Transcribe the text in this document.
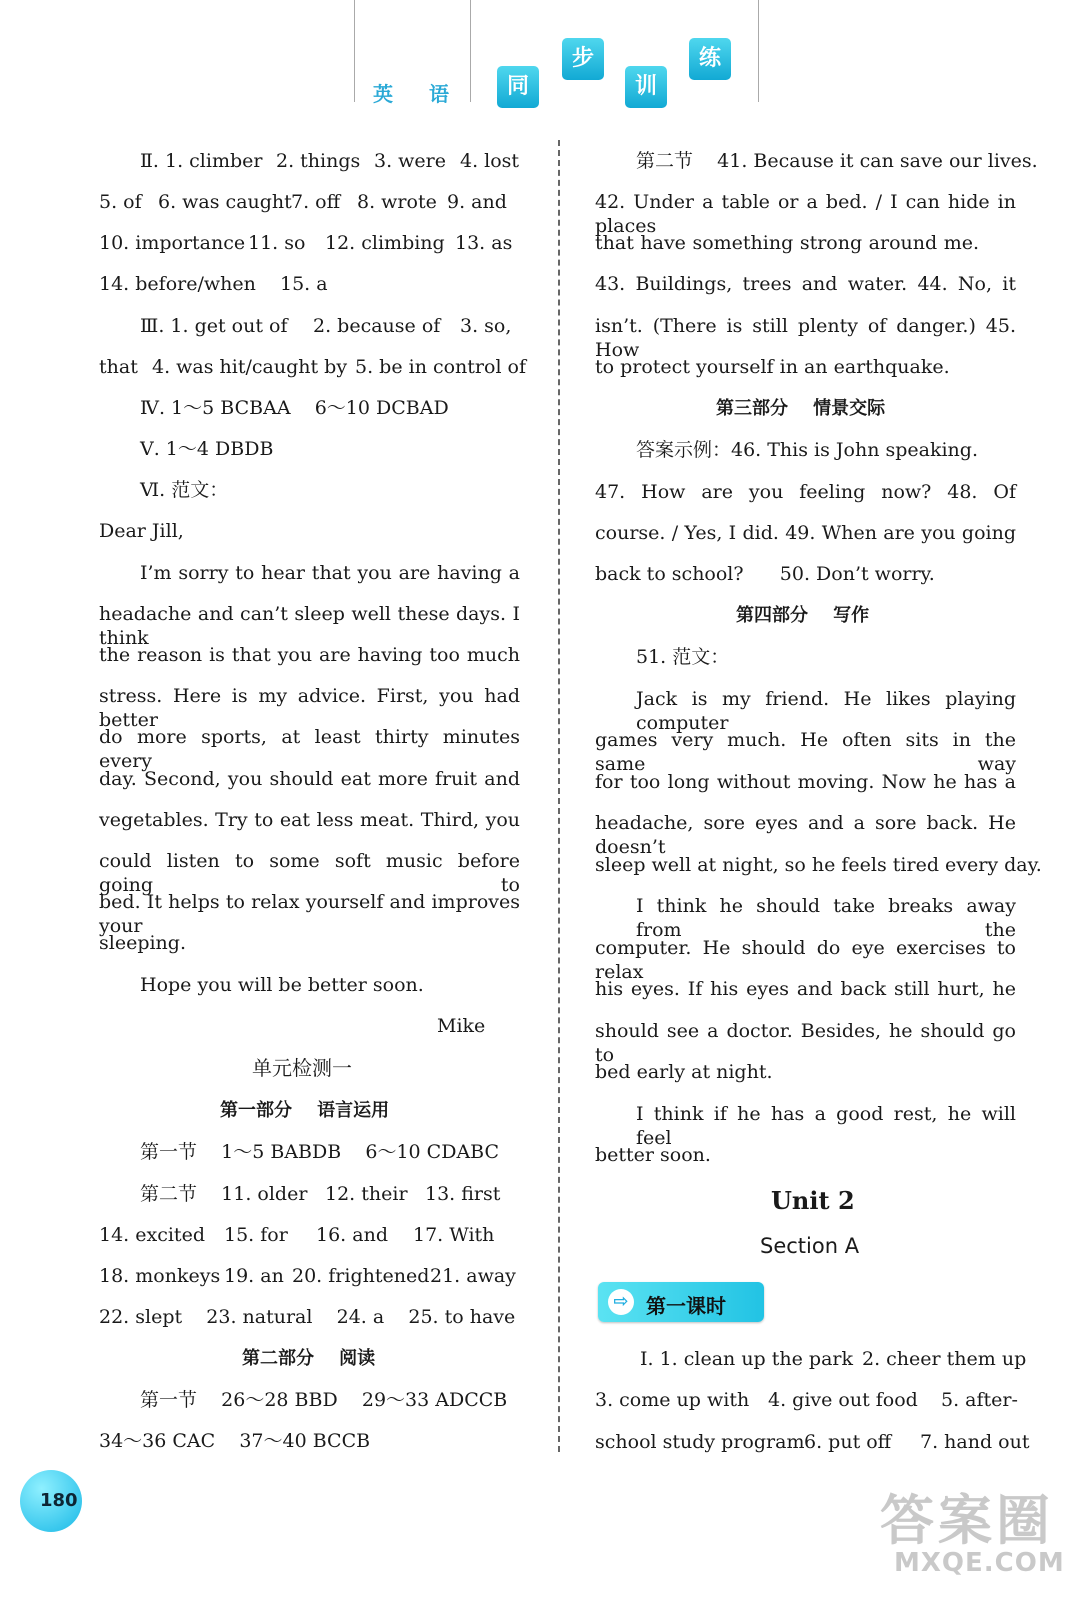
英 语	同
步
训
练
Ⅱ. 1. climber 2. things 3. were 4. lost
5. of 6. was caught 7. off 8. wrote 9. and
10. importance 11. so 12. climbing 13. as
14. before/when    15. a
Ⅲ. 1. get out of 2. because of 3. so,
that 4. was hit/caught by 5. be in control of
Ⅳ. 1～5 BCBAA    6～10 DCBAD
Ⅴ. 1～4 DBDB
Ⅵ. 范文：
Dear Jill,
I’m sorry to hear that you are having a
headache and can’t sleep well these days. I think
the reason is that you are having too much
stress. Here is my advice. First, you had better
do more sports, at least thirty minutes every
day. Second, you should eat more fruit and
vegetables. Try to eat less meat. Third, you
could listen to some soft music before going to
bed. It helps to relax yourself and improves your
sleeping.
Hope you will be better soon.
Mike
单元检测一
第一部分    语言运用
第一节    1～5 BABDB    6～10 CDABC
第二节    11. older 12. their 13. first
14. excited 15. for 16. and 17. With
18. monkeys 19. an 20. frightened 21. away
22. slept    23. natural    24. a    25. to have
第二部分    阅读
第一节    26～28 BBD    29～33 ADCCB
34～36 CAC    37～40 BCCB
第二节    41. Because it can save our lives.
42. Under a table or a bed. / I can hide in places
that have something strong around me.
43. Buildings, trees and water. 44. No, it
isn’t. (There is still plenty of danger.) 45. How
to protect yourself in an earthquake.
第三部分    情景交际
答案示例：46. This is John speaking.
47. How are you feeling now? 48. Of
course. / Yes, I did. 49. When are you going
back to school?      50. Don’t worry.
第四部分    写作
51. 范文：
Jack is my friend. He likes playing computer
games very much. He often sits in the same way
for too long without moving. Now he has a
headache, sore eyes and a sore back. He doesn’t
sleep well at night, so he feels tired every day.
I think he should take breaks away from the
computer. He should do eye exercises to relax
his eyes. If his eyes and back still hurt, he
should see a doctor. Besides, he should go to
bed early at night.
I think if he has a good rest, he will feel
better soon.
Unit 2
Section A
⇨ 第一课时
Ⅰ. 1. clean up the park 2. cheer them up
3. come up with 4. give out food 5. after-
school study program 6. put off 7. hand out
180	答案圈
MXQE.COM
